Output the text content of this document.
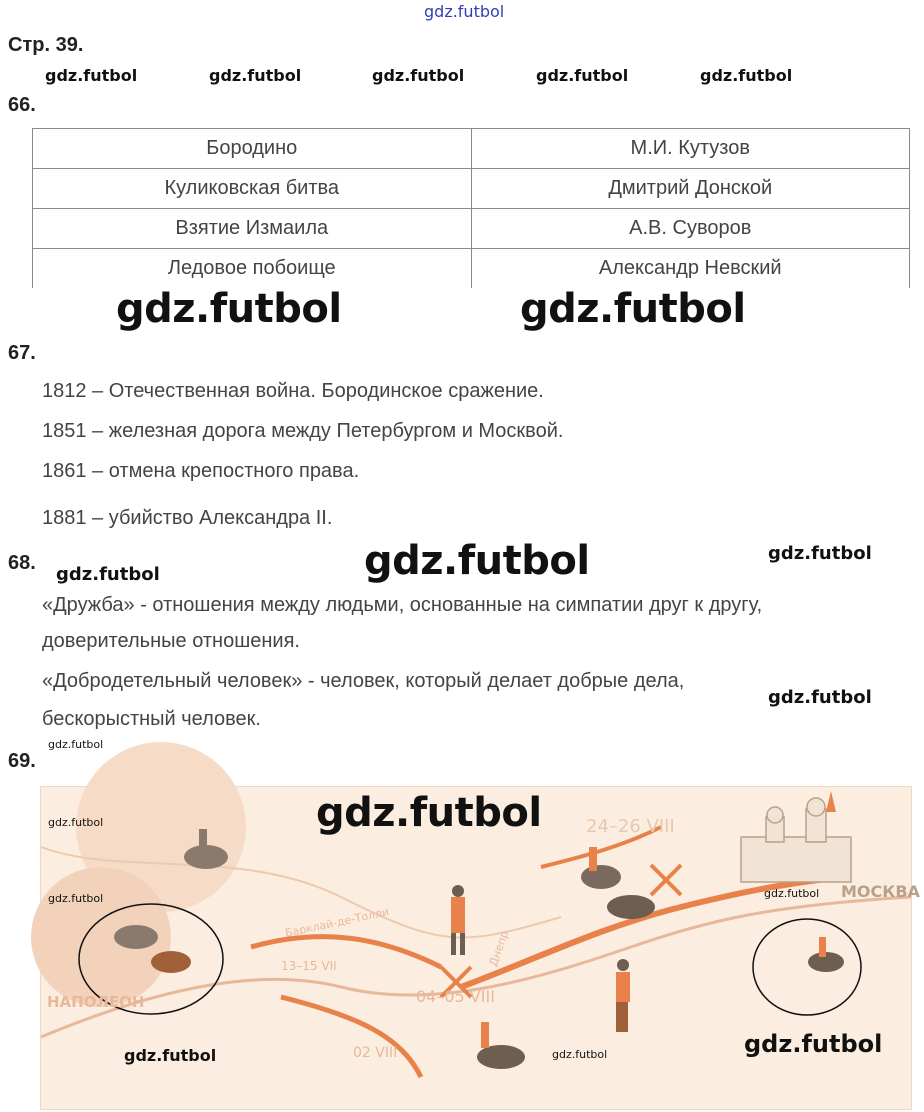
gdz.futbol
Стр. 39.
gdz.futbol	gdz.futbol	gdz.futbol	gdz.futbol	gdz.futbol
66.
Бородино	М.И. Кутузов
Куликовская битва	Дмитрий Донской
Взятие Измаила	А.В. Суворов
Ледовое побоище	Александр Невский
gdz.futbol	gdz.futbol
67.
1812 – Отечественная война. Бородинское сражение.
1851 – железная дорога между Петербургом и Москвой.
1861 – отмена крепостного права.
1881 – убийство Александра II.
68.
gdz.futbol	gdz.futbol	gdz.futbol
«Дружба» - отношения между людьми, основанные на симпатии друг к другу,
доверительные отношения.
«Добродетельный человек» - человек, который делает добрые дела,
gdz.futbol
бескорыстный человек.
gdz.futbol
69.
24–26 VIII
МОСКВА
НАПОЛЕОН
Барклай-де-Толли
13–15 VII
04–05 VIII
02 VIII
Днепр
gdz.futbol
gdz.futbol
gdz.futbol	gdz.futbol
gdz.futbol	gdz.futbol	gdz.futbol
